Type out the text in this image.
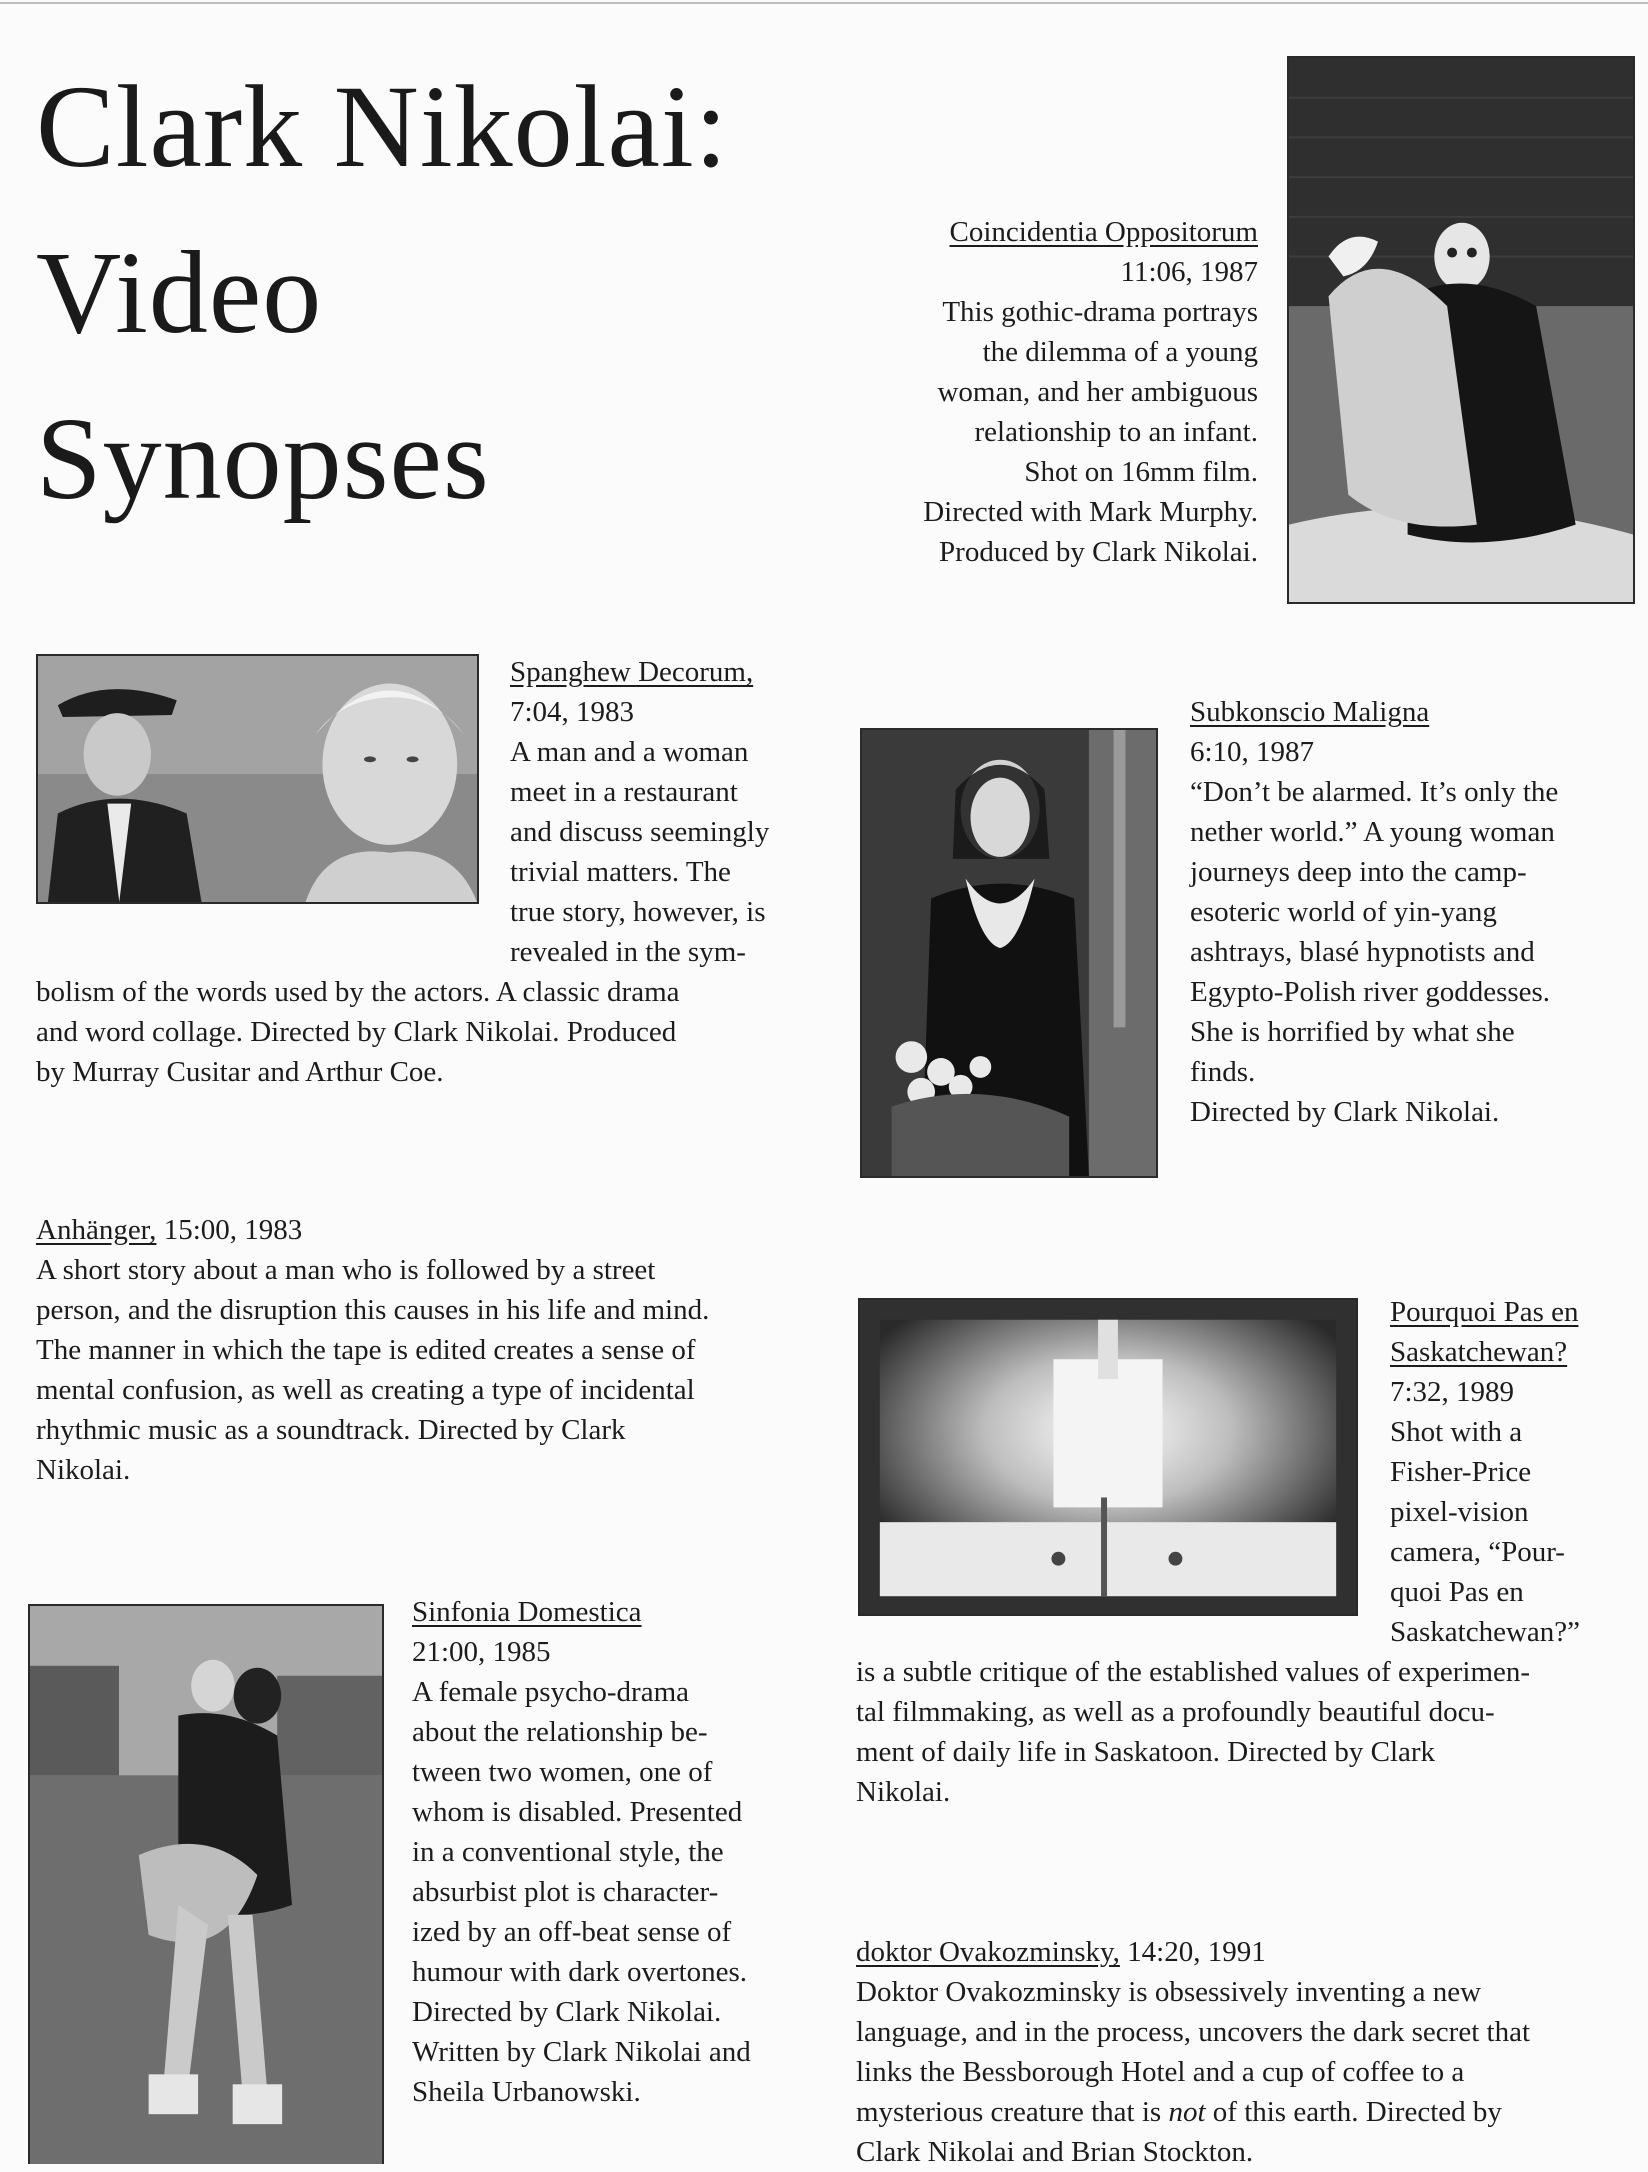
Clark Nikolai:
Video
Synopses
Coincidentia Oppositorum
11:06, 1987
This gothic-drama portrays
the dilemma of a young
woman, and her ambiguous
relationship to an infant.
Shot on 16mm film.
Directed with Mark Murphy.
Produced by Clark Nikolai.
Spanghew Decorum,
7:04, 1983
A man and a woman
meet in a restaurant
and discuss seemingly
trivial matters. The
true story, however, is
revealed in the sym-
bolism of the words used by the actors. A classic drama
and word collage. Directed by Clark Nikolai. Produced
by Murray Cusitar and Arthur Coe.
Subkonscio Maligna
6:10, 1987
“Don’t be alarmed. It’s only the
nether world.” A young woman
journeys deep into the camp-
esoteric world of yin-yang
ashtrays, blasé hypnotists and
Egypto-Polish river goddesses.
She is horrified by what she
finds.
Directed by Clark Nikolai.
Anhänger, 15:00, 1983
A short story about a man who is followed by a street
person, and the disruption this causes in his life and mind.
The manner in which the tape is edited creates a sense of
mental confusion, as well as creating a type of incidental
rhythmic music as a soundtrack. Directed by Clark
Nikolai.
Pourquoi Pas en
Saskatchewan?
7:32, 1989
Shot with a
Fisher-Price
pixel-vision
camera, “Pour-
quoi Pas en
Saskatchewan?”
is a subtle critique of the established values of experimen-
tal filmmaking, as well as a profoundly beautiful docu-
ment of daily life in Saskatoon. Directed by Clark
Nikolai.
Sinfonia Domestica
21:00, 1985
A female psycho-drama
about the relationship be-
tween two women, one of
whom is disabled. Presented
in a conventional style, the
absurbist plot is character-
ized by an off-beat sense of
humour with dark overtones.
Directed by Clark Nikolai.
Written by Clark Nikolai and
Sheila Urbanowski.
doktor Ovakozminsky, 14:20, 1991
Doktor Ovakozminsky is obsessively inventing a new
language, and in the process, uncovers the dark secret that
links the Bessborough Hotel and a cup of coffee to a
mysterious creature that is not of this earth. Directed by
Clark Nikolai and Brian Stockton.
